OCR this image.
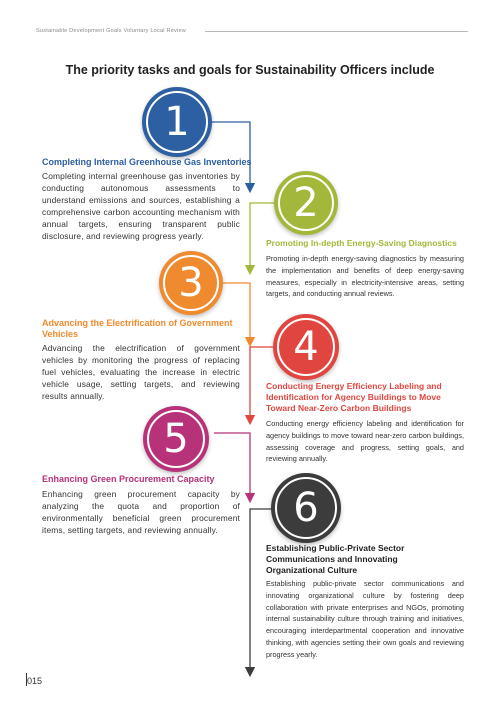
Sustainable Development Goals Voluntary Local Review
The priority tasks and goals for Sustainability Officers include
1
Completing Internal Greenhouse Gas Inventories
Completing internal greenhouse gas inventories by conducting autonomous assessments to understand emissions and sources, establishing a comprehensive carbon accounting mechanism with annual targets, ensuring transparent public disclosure, and reviewing progress yearly.
2
Promoting In-depth Energy-Saving Diagnostics
Promoting in-depth energy-saving diagnostics by measuring the implementation and benefits of deep energy-saving measures, especially in electricity-intensive areas, setting targets, and conducting annual reviews.
3
Advancing the Electrification of Government Vehicles
Advancing the electrification of government vehicles by monitoring the progress of replacing fuel vehicles, evaluating the increase in electric vehicle usage, setting targets, and reviewing results annually.
4
Conducting Energy Efficiency Labeling and Identification for Agency Buildings to Move Toward Near-Zero Carbon Buildings
Conducting energy efficiency labeling and identification for agency buildings to move toward near-zero carbon buildings, assessing coverage and progress, setting goals, and reviewing annually.
5
Enhancing Green Procurement Capacity
Enhancing green procurement capacity by analyzing the quota and proportion of environmentally beneficial green procurement items, setting targets, and reviewing annually.	6
Establishing Public-Private Sector Communications and Innovating Organizational Culture
Establishing public-private sector communications and innovating organizational culture by fostering deep collaboration with private enterprises and NGOs, promoting internal sustainability culture through training and initiatives, encouraging interdepartmental cooperation and innovative thinking, with agencies setting their own goals and reviewing progress yearly.
015
